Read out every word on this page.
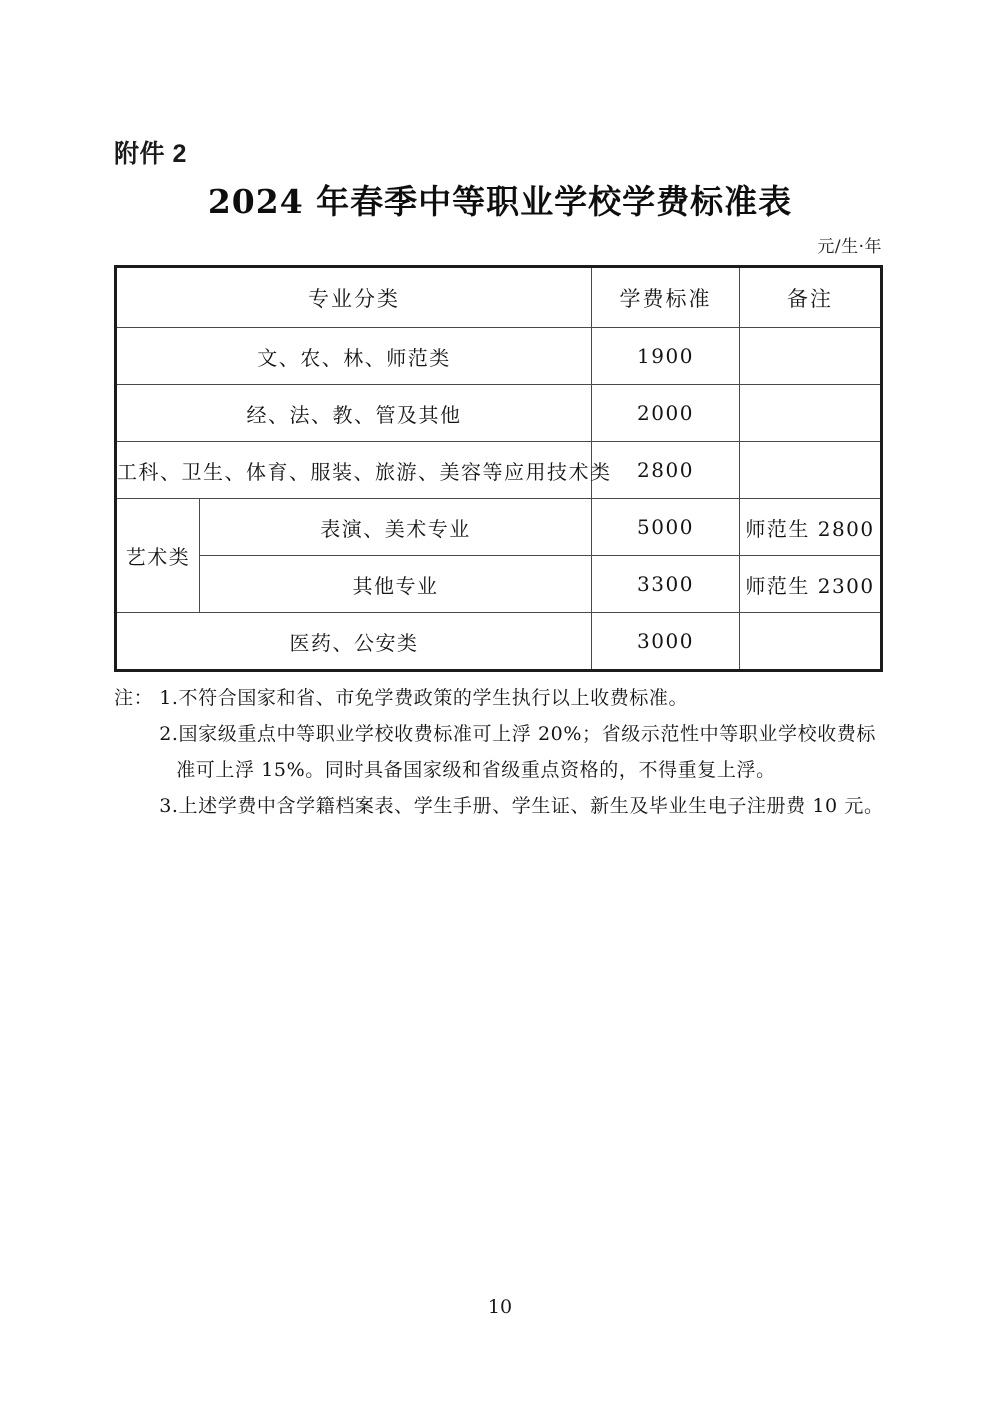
附件 2
2024 年春季中等职业学校学费标准表
元/生·年
专业分类		学费标准	备注
文、农、林、师范类		1900	
经、法、教、管及其他		2000	
工科、卫生、体育、服装、旅游、美容等应用技术类		2800	
艺术类	表演、美术专业	5000	师范生 2800
	其他专业	3300	师范生 2300
医药、公安类		3000	
注： 1.不符合国家和省、市免学费政策的学生执行以上收费标准。
2.国家级重点中等职业学校收费标准可上浮 20%；省级示范性中等职业学校收费标
准可上浮 15%。同时具备国家级和省级重点资格的，不得重复上浮。
3.上述学费中含学籍档案表、学生手册、学生证、新生及毕业生电子注册费 10 元。
10
